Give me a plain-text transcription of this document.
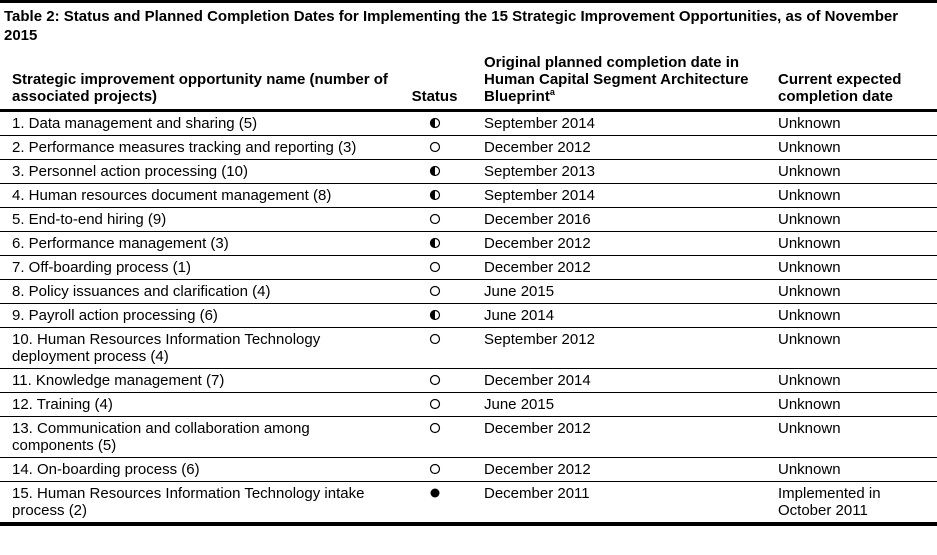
Table 2: Status and Planned Completion Dates for Implementing the 15 Strategic Improvement Opportunities, as of November 2015
Strategic improvement opportunity name (number of associated projects)	Status	Original planned completion date in Human Capital Segment Architecture Blueprint$^a$	Current expected completion date
1. Data management and sharing (5)		September 2014	Unknown
2. Performance measures tracking and reporting (3)		December 2012	Unknown
3. Personnel action processing (10)		September 2013	Unknown
4. Human resources document management (8)		September 2014	Unknown
5. End-to-end hiring (9)		December 2016	Unknown
6. Performance management (3)		December 2012	Unknown
7. Off-boarding process (1)		December 2012	Unknown
8. Policy issuances and clarification (4)		June 2015	Unknown
9. Payroll action processing (6)		June 2014	Unknown
10. Human Resources Information Technology deployment process (4)		September 2012	Unknown
11. Knowledge management (7)		December 2014	Unknown
12. Training (4)		June 2015	Unknown
13. Communication and collaboration among components (5)		December 2012	Unknown
14. On-boarding process (6)		December 2012	Unknown
15. Human Resources Information Technology intake process (2)		December 2011	Implemented in October 2011
